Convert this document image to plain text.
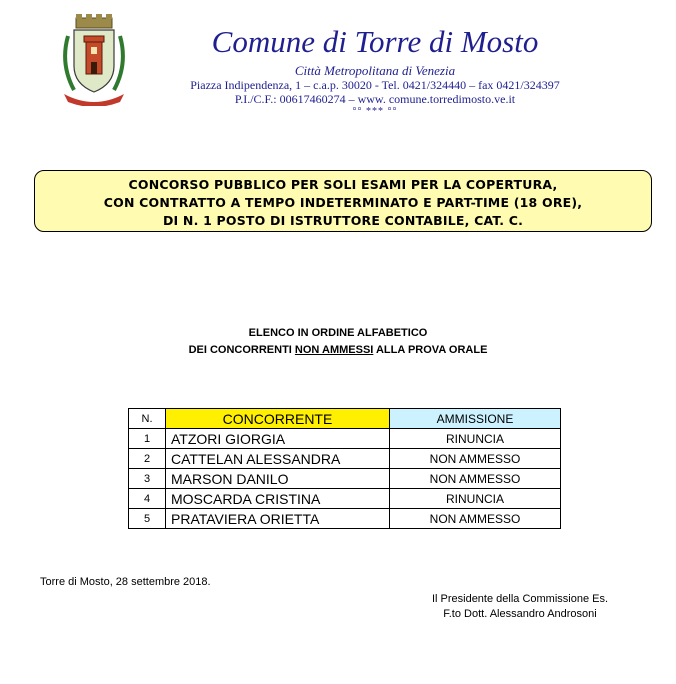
Comune di Torre di Mosto
Città Metropolitana di Venezia
Piazza Indipendenza, 1 – c.a.p. 30020 - Tel. 0421/324440 – fax 0421/324397
P.I./C.F.: 00617460274 – www. comune.torredimosto.ve.it
°° *** °°
CONCORSO PUBBLICO PER SOLI ESAMI PER LA COPERTURA,
CON CONTRATTO A TEMPO INDETERMINATO E PART-TIME (18 ORE),
DI N. 1 POSTO DI ISTRUTTORE CONTABILE, CAT. C.
ELENCO IN ORDINE ALFABETICO
DEI CONCORRENTI NON AMMESSI ALLA PROVA ORALE
N.	CONCORRENTE	AMMISSIONE
1	ATZORI GIORGIA	RINUNCIA
2	CATTELAN ALESSANDRA	NON AMMESSO
3	MARSON DANILO	NON AMMESSO
4	MOSCARDA CRISTINA	RINUNCIA
5	PRATAVIERA ORIETTA	NON AMMESSO
Torre di Mosto, 28 settembre 2018.
Il Presidente della Commissione Es.
F.to Dott. Alessandro Androsoni
